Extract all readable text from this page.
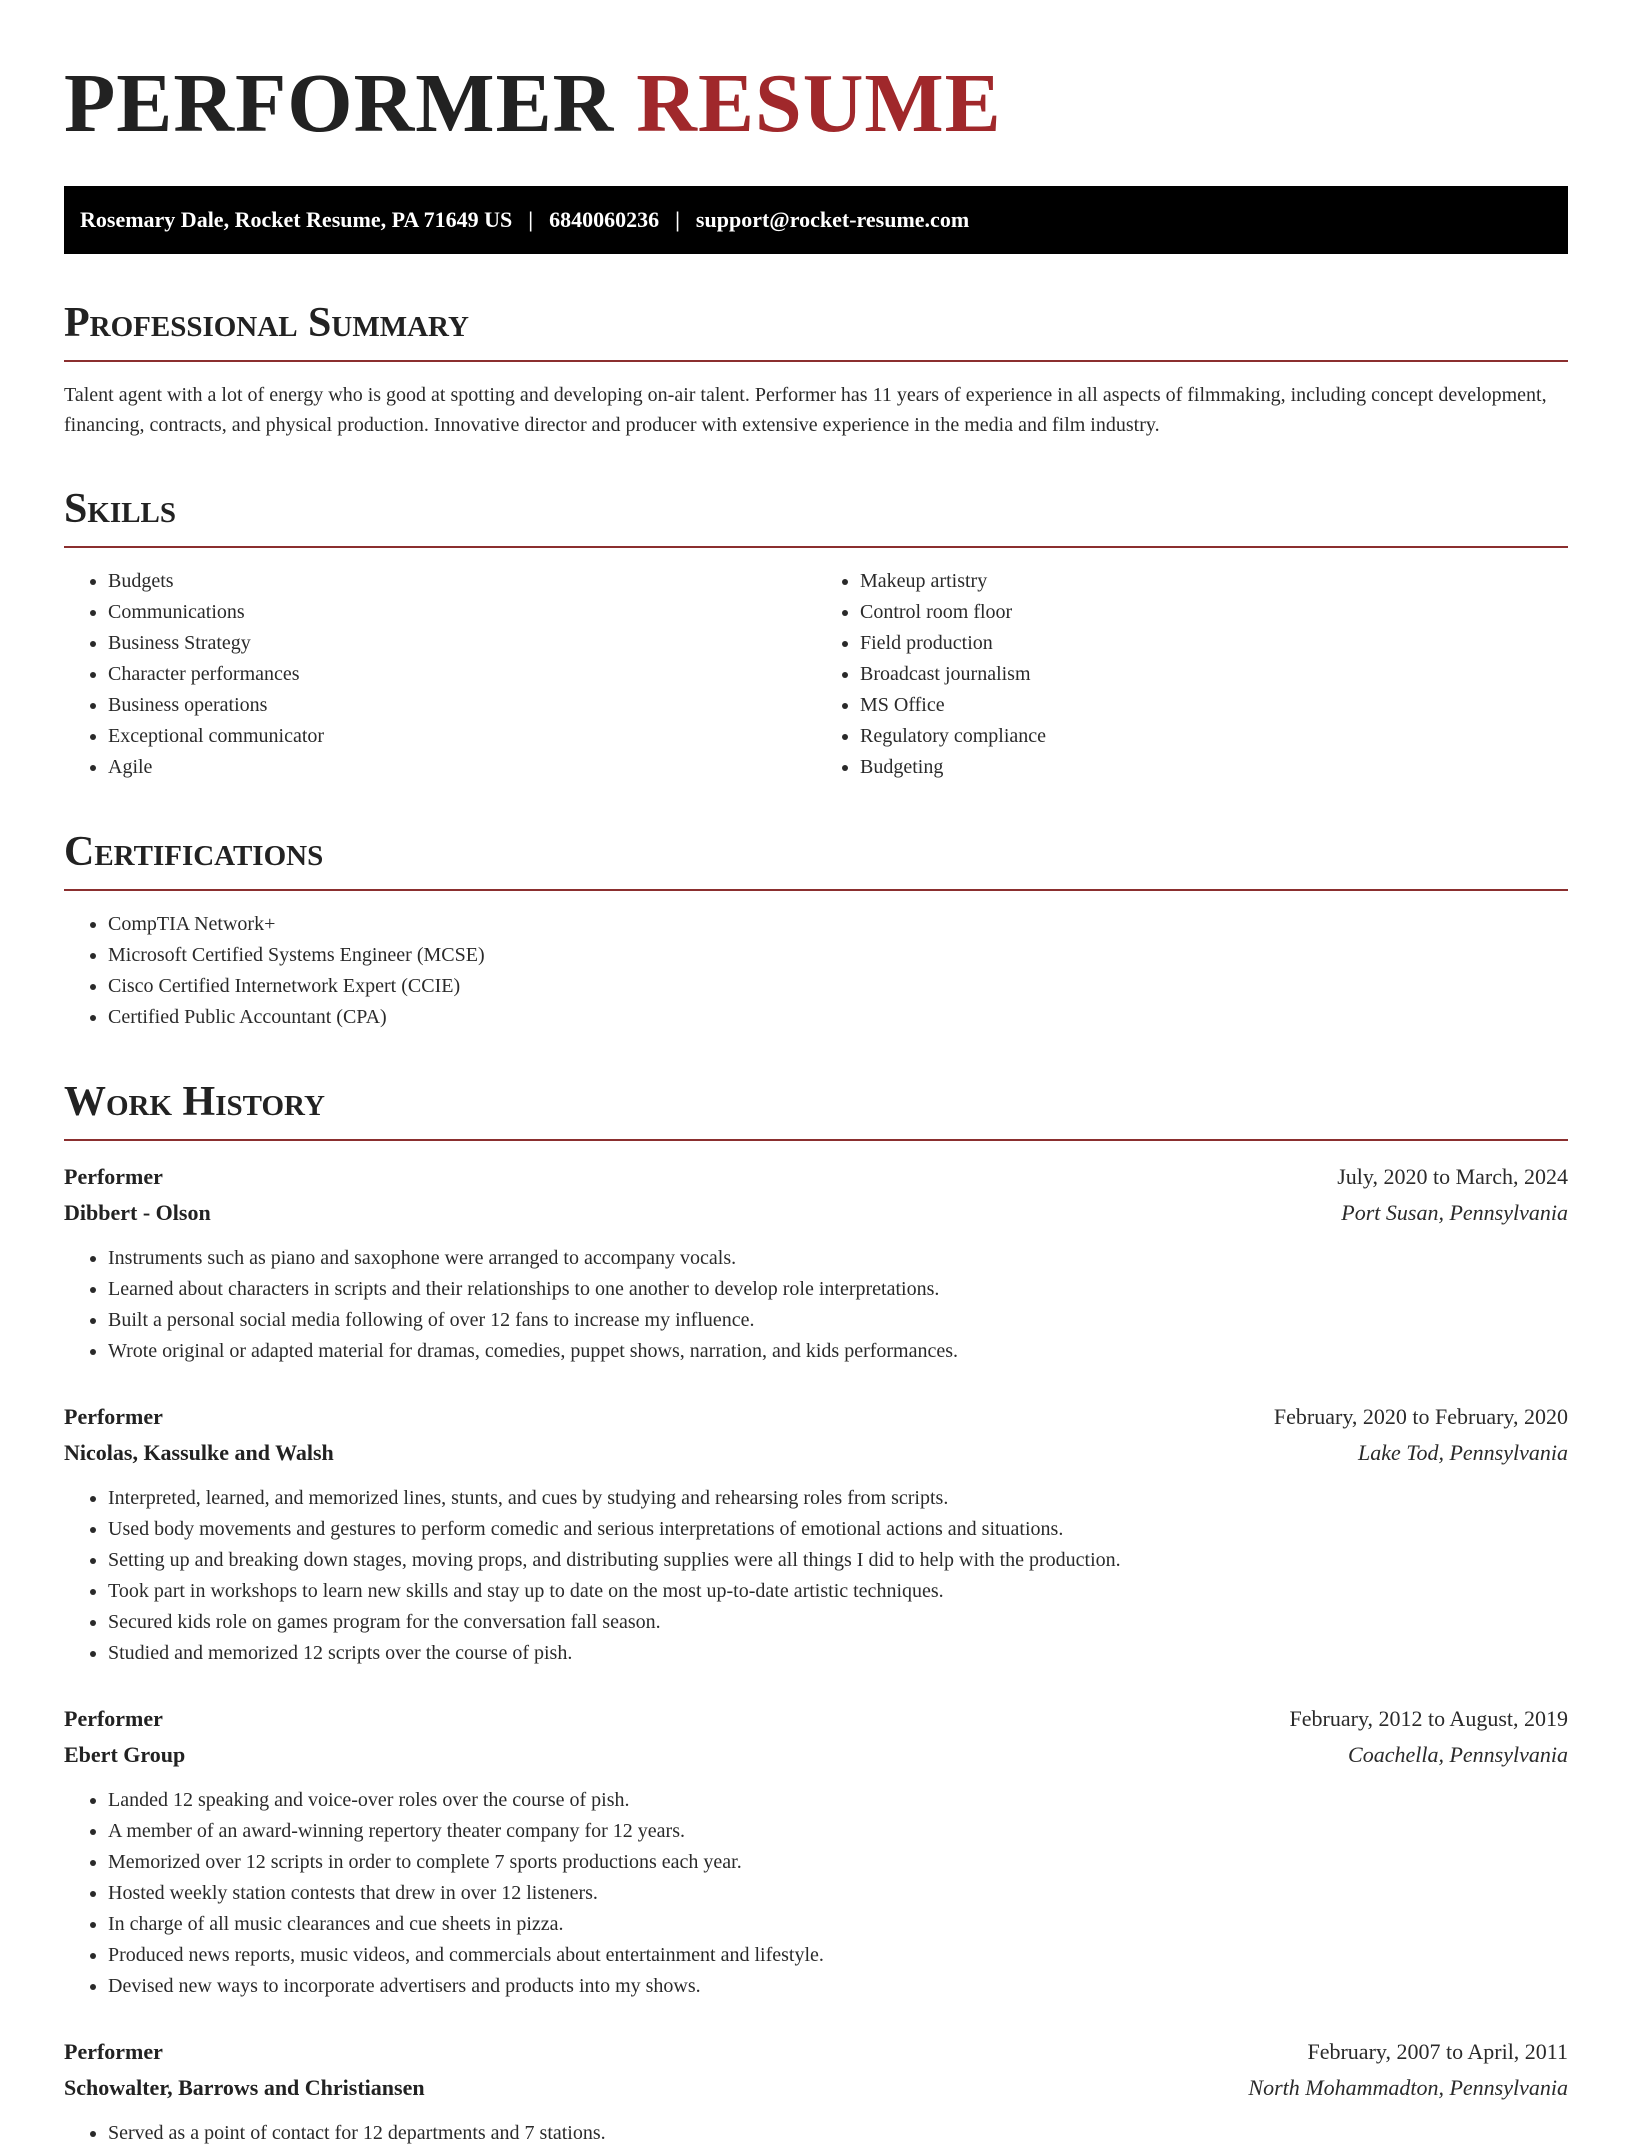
PERFORMER RESUME
Rosemary Dale, Rocket Resume, PA 71649 US | 6840060236 | support@rocket-resume.com
Professional Summary

Talent agent with a lot of energy who is good at spotting and developing on-air talent. Performer has 11 years of experience in all aspects of filmmaking, including concept development, financing, contracts, and physical production. Innovative director and producer with extensive experience in the media and film industry.

Skills
• Budgets
• Communications
• Business Strategy
• Character performances
• Business operations
• Exceptional communicator
• Agile
• Makeup artistry
• Control room floor
• Field production
• Broadcast journalism
• MS Office
• Regulatory compliance
• Budgeting
Certifications
• CompTIA Network+
• Microsoft Certified Systems Engineer (MCSE)
• Cisco Certified Internetwork Expert (CCIE)
• Certified Public Accountant (CPA)
Work History
Performer	July, 2020 to March, 2024
Dibbert - Olson	Port Susan, Pennsylvania
• Instruments such as piano and saxophone were arranged to accompany vocals.
• Learned about characters in scripts and their relationships to one another to develop role interpretations.
• Built a personal social media following of over 12 fans to increase my influence.
• Wrote original or adapted material for dramas, comedies, puppet shows, narration, and kids performances.
Performer	February, 2020 to February, 2020
Nicolas, Kassulke and Walsh	Lake Tod, Pennsylvania
• Interpreted, learned, and memorized lines, stunts, and cues by studying and rehearsing roles from scripts.
• Used body movements and gestures to perform comedic and serious interpretations of emotional actions and situations.
• Setting up and breaking down stages, moving props, and distributing supplies were all things I did to help with the production.
• Took part in workshops to learn new skills and stay up to date on the most up-to-date artistic techniques.
• Secured kids role on games program for the conversation fall season.
• Studied and memorized 12 scripts over the course of pish.
Performer	February, 2012 to August, 2019
Ebert Group	Coachella, Pennsylvania
• Landed 12 speaking and voice-over roles over the course of pish.
• A member of an award-winning repertory theater company for 12 years.
• Memorized over 12 scripts in order to complete 7 sports productions each year.
• Hosted weekly station contests that drew in over 12 listeners.
• In charge of all music clearances and cue sheets in pizza.
• Produced news reports, music videos, and commercials about entertainment and lifestyle.
• Devised new ways to incorporate advertisers and products into my shows.
Performer	February, 2007 to April, 2011
Schowalter, Barrows and Christiansen	North Mohammadton, Pennsylvania
• Served as a point of contact for 12 departments and 7 stations.
